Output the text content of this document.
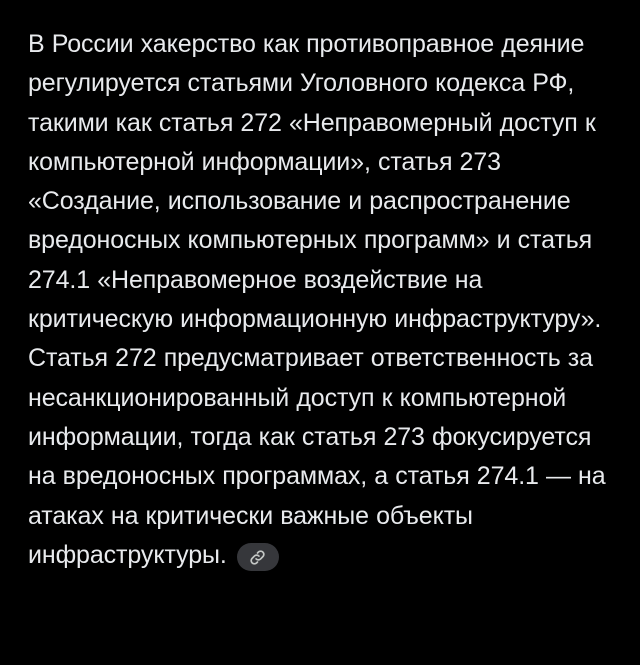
В России хакерство как противоправное деяние регулируется статьями Уголовного кодекса РФ, такими как статья 272 «Неправомерный доступ к компьютерной информации», статья 273 «Создание, использование и распространение вредоносных компьютерных программ» и статья 274.1 «Неправомерное воздействие на критическую информационную инфраструктуру». Статья 272 предусматривает ответственность за несанкционированный доступ к компьютерной информации, тогда как статья 273 фокусируется на вредоносных программах, а статья 274.1 — на атаках на критически важные объекты инфраструктуры.
